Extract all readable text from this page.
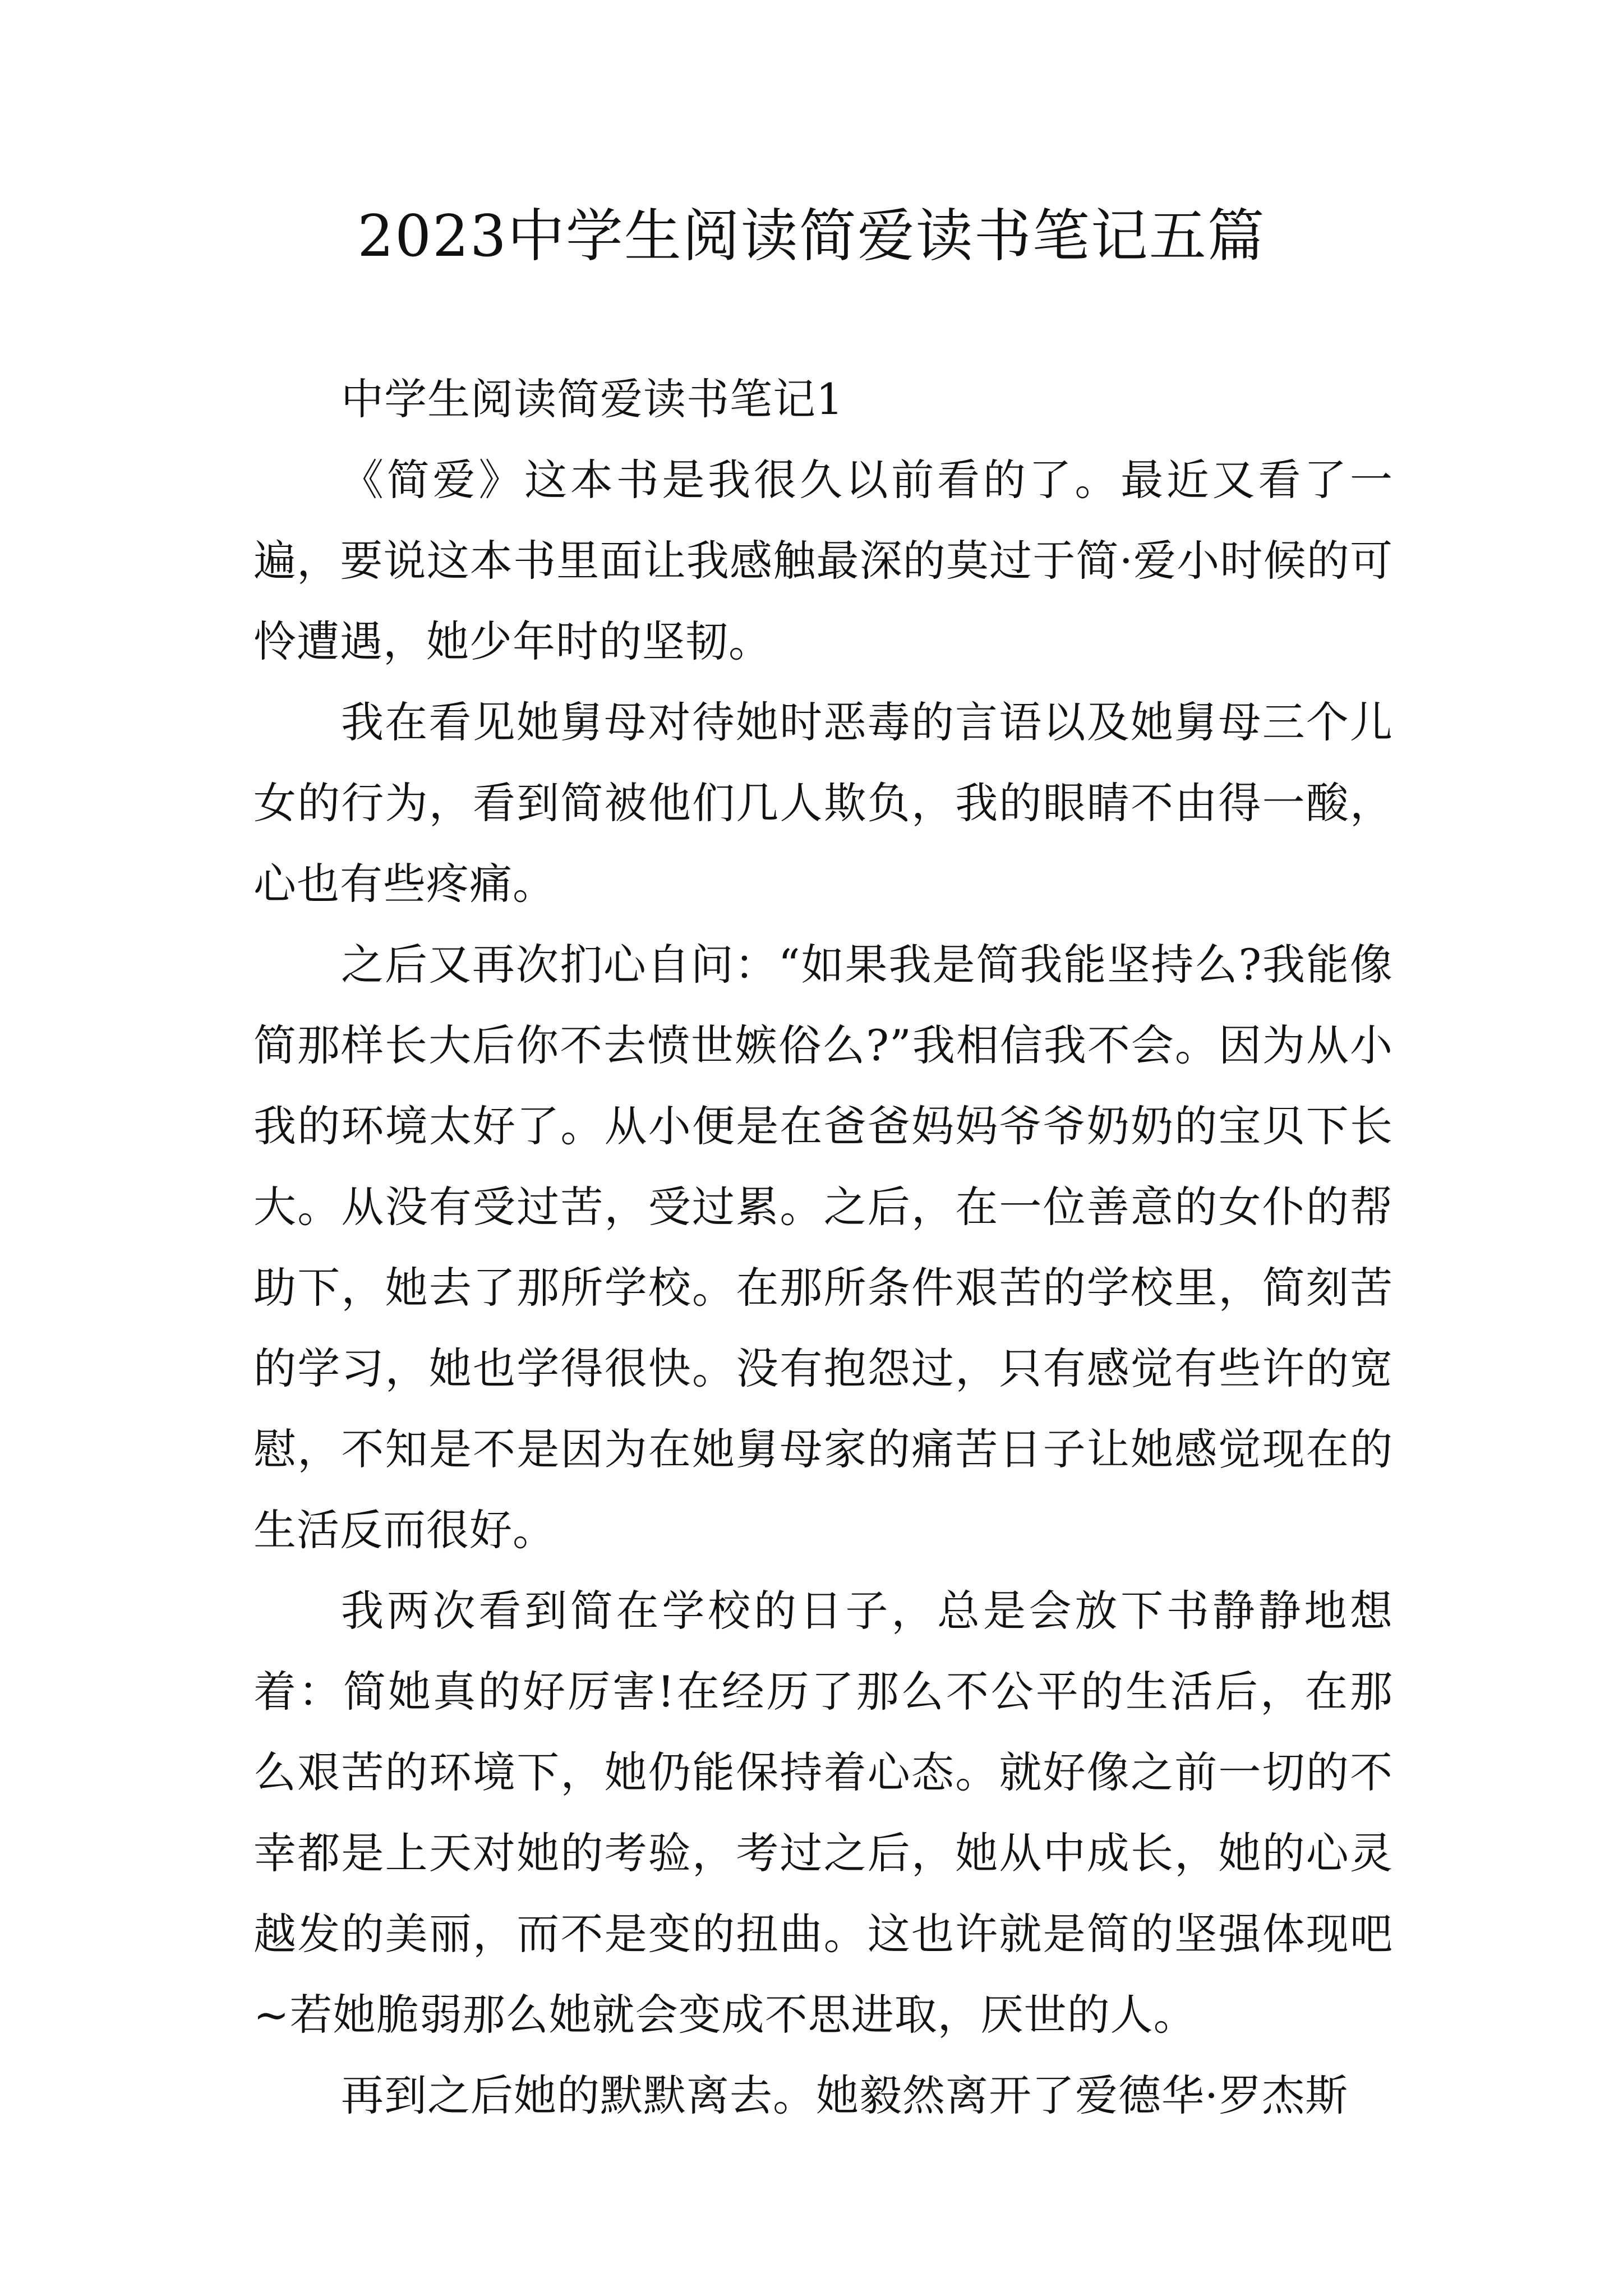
2023中学生阅读简爱读书笔记五篇

中学生阅读简爱读书笔记1

《简爱》这本书是我很久以前看的了。最近又看了一遍，要说这本书里面让我感触最深的莫过于简·爱小时候的可怜遭遇，她少年时的坚韧。

我在看见她舅母对待她时恶毒的言语以及她舅母三个儿女的行为，看到简被他们几人欺负，我的眼睛不由得一酸，心也有些疼痛。

之后又再次扪心自问：“如果我是简我能坚持么?我能像简那样长大后你不去愤世嫉俗么?”我相信我不会。因为从小我的环境太好了。从小便是在爸爸妈妈爷爷奶奶的宝贝下长大。从没有受过苦，受过累。之后，在一位善意的女仆的帮助下，她去了那所学校。在那所条件艰苦的学校里，简刻苦的学习，她也学得很快。没有抱怨过，只有感觉有些许的宽慰，不知是不是因为在她舅母家的痛苦日子让她感觉现在的生活反而很好。

我两次看到简在学校的日子，总是会放下书静静地想着：简她真的好厉害!在经历了那么不公平的生活后，在那么艰苦的环境下，她仍能保持着心态。就好像之前一切的不幸都是上天对她的考验，考过之后，她从中成长，她的心灵越发的美丽，而不是变的扭曲。这也许就是简的坚强体现吧~若她脆弱那么她就会变成不思进取，厌世的人。

再到之后她的默默离去。她毅然离开了爱德华·罗杰斯
